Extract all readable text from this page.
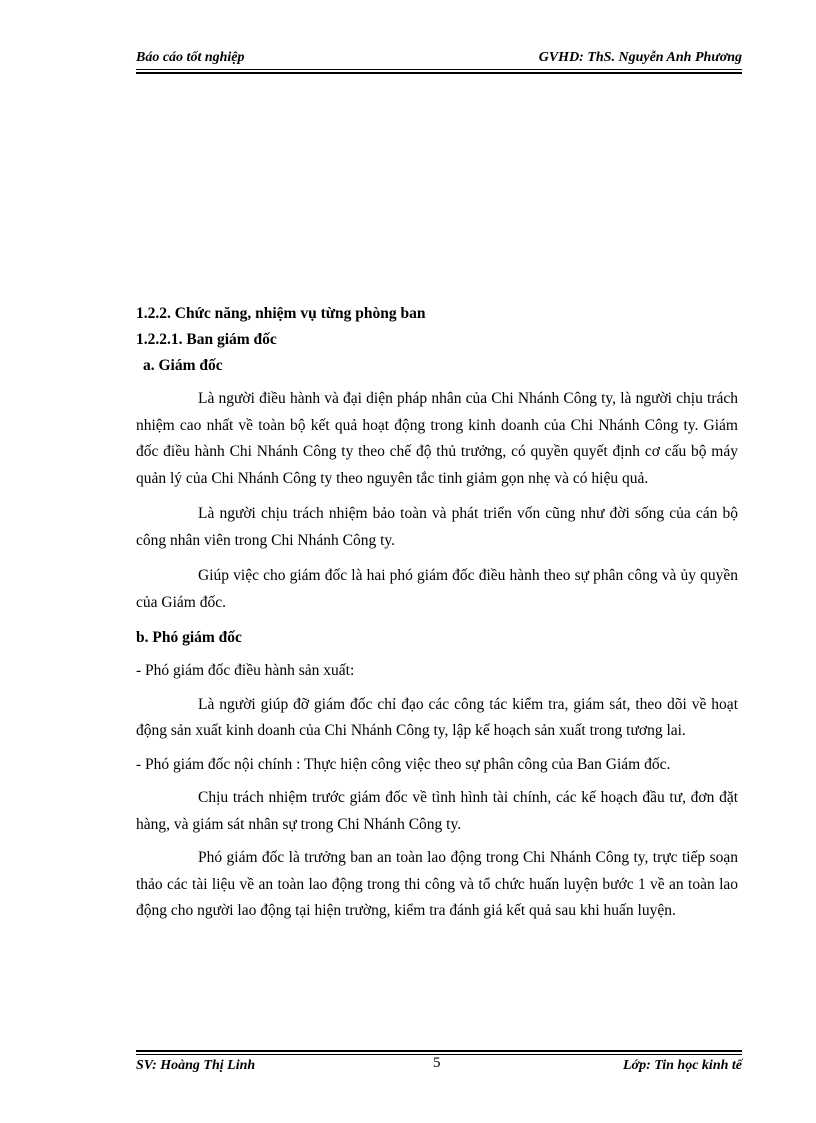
Báo cáo tốt nghiệp	GVHD: ThS. Nguyễn Anh Phương

1.2.2. Chức năng, nhiệm vụ từng phòng ban

1.2.2.1. Ban giám đốc

a. Giám đốc

Là người điều hành và đại diện pháp nhân của Chi Nhánh Công ty, là người chịu trách nhiệm cao nhất về toàn bộ kết quả hoạt động trong kinh doanh của Chi Nhánh Công ty. Giám đốc điều hành Chi Nhánh Công ty theo chế độ thủ trưởng, có quyền quyết định cơ cấu bộ máy quản lý của Chi Nhánh Công ty theo nguyên tắc tinh giảm gọn nhẹ và có hiệu quả.

Là người chịu trách nhiệm bảo toàn và phát triển vốn cũng như đời sống của cán bộ công nhân viên trong Chi Nhánh Công ty.

Giúp việc cho giám đốc là hai phó giám đốc điều hành theo sự phân công và ủy quyền của Giám đốc.

b. Phó giám đốc

- Phó giám đốc điều hành sản xuất:

Là người giúp đỡ giám đốc chỉ đạo các công tác kiểm tra, giám sát, theo dõi về hoạt động sản xuất kinh doanh của Chi Nhánh Công ty, lập kế hoạch sản xuất trong tương lai.

- Phó giám đốc nội chính : Thực hiện công việc theo sự phân công của Ban Giám đốc.

Chịu trách nhiệm trước giám đốc về tình hình tài chính, các kế hoạch đầu tư, đơn đặt hàng, và giám sát nhân sự trong Chi Nhánh Công ty.

Phó giám đốc là trưởng ban an toàn lao động trong Chi Nhánh Công ty, trực tiếp soạn thảo các tài liệu về an toàn lao động trong thi công và tổ chức huấn luyện bước 1 về an toàn lao động cho người lao động tại hiện trường, kiểm tra đánh giá kết quả sau khi huấn luyện.

SV: Hoàng Thị Linh	5	Lớp: Tin học kinh tế
